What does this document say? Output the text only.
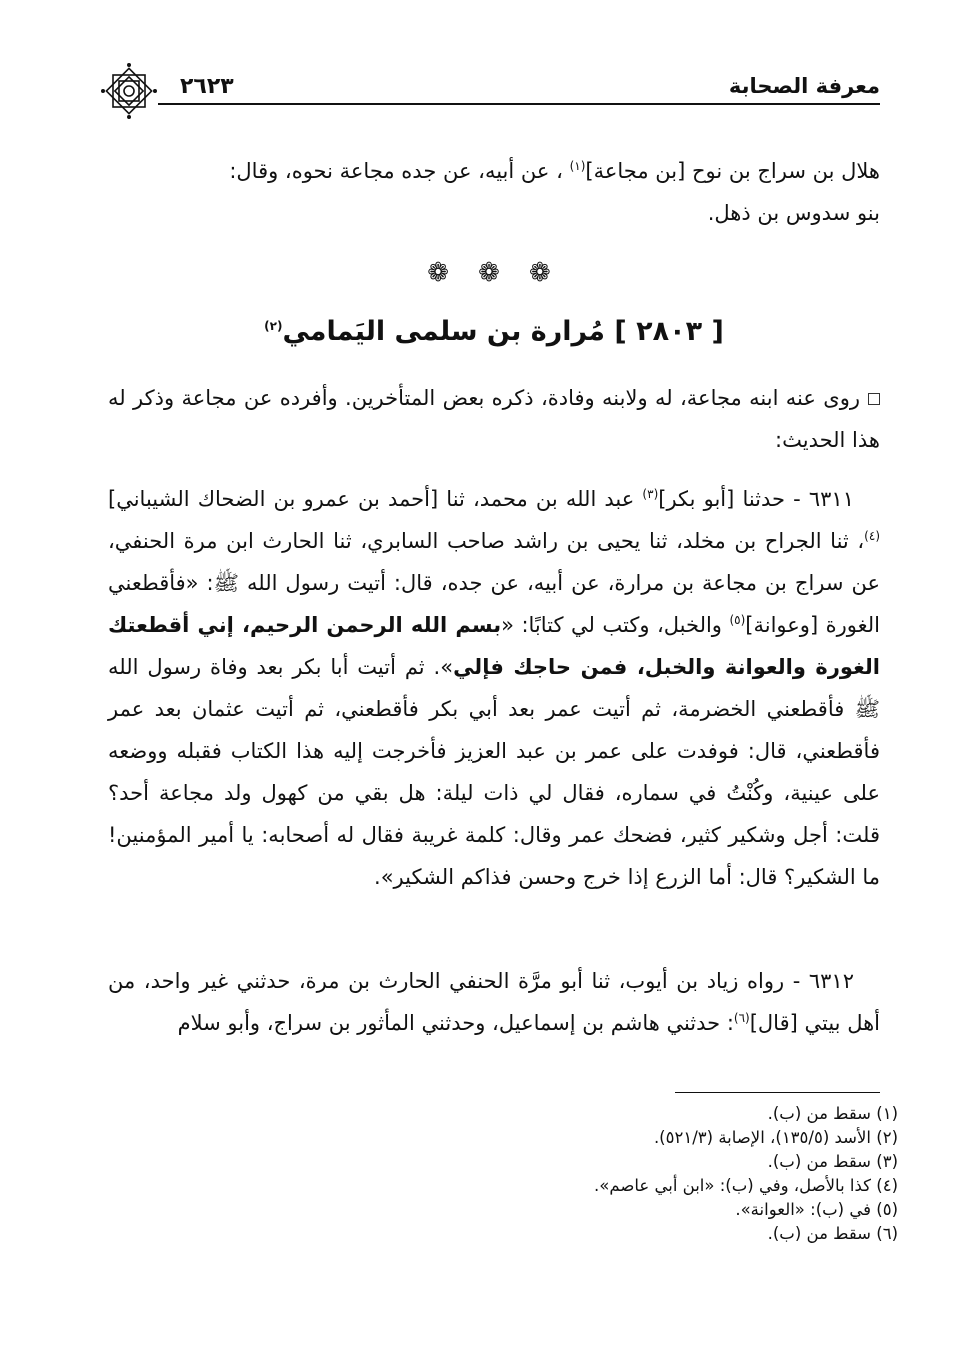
٢٦٢٣	معرفة الصحابة

هلال بن سراج بن نوح [بن مجاعة]$^{(١)}$ ، عن أبيه، عن جده مجاعة نحوه، وقال:

بنو سدوس بن ذهل.

❁ ❁ ❁
[ ٢٨٠٣ ] مُرارة بن سلمى اليَمامي$^{(٢)}$

روى عنه ابنه مجاعة، له ولابنه وفادة، ذكره بعض المتأخرين. وأفرده عن مجاعة وذكر له هذا الحديث:

٦٣١١ - حدثنا [أبو بكر]$^{(٣)}$ عبد الله بن محمد، ثنا [أحمد بن عمرو بن الضحاك الشيباني]$^{(٤)}$، ثنا الجراح بن مخلد، ثنا يحيى بن راشد صاحب السابري، ثنا الحارث ابن مرة الحنفي، عن سراج بن مجاعة بن مرارة، عن أبيه، عن جده، قال: أتيت رسول الله ﷺ: «فأقطعني الغورة [وعوانة]$^{(٥)}$ والخبل، وكتب لي كتابًا: «بسم الله الرحمن الرحيم، إني أقطعتك الغورة والعوانة والخبل، فمن حاجك فإلي». ثم أتيت أبا بكر بعد وفاة رسول الله ﷺ فأقطعني الخضرمة، ثم أتيت عمر بعد أبي بكر فأقطعني، ثم أتيت عثمان بعد عمر فأقطعني، قال: فوفدت على عمر بن عبد العزيز فأخرجت إليه هذا الكتاب فقبله ووضعه على عينية، وكُنْتُ في سماره، فقال لي ذات ليلة: هل بقي من كهول ولد مجاعة أحد؟ قلت: أجل وشكير كثير، فضحك عمر وقال: كلمة غريبة فقال له أصحابه: يا أمير المؤمنين! ما الشكير؟ قال: أما الزرع إذا خرج وحسن فذاكم الشكير».

٦٣١٢ - رواه زياد بن أيوب، ثنا أبو مرَّة الحنفي الحارث بن مرة، حدثني غير واحد، من أهل بيتي [قال]$^{(٦)}$: حدثني هاشم بن إسماعيل، وحدثني المأثور بن سراج، وأبو سلام

(١) سقط من (ب).

(٢) الأسد (١٣٥/٥)، الإصابة (٥٢١/٣).

(٣) سقط من (ب).

(٤) كذا بالأصل، وفي (ب): «ابن أبي عاصم».

(٥) في (ب): «العوانة».

(٦) سقط من (ب).
